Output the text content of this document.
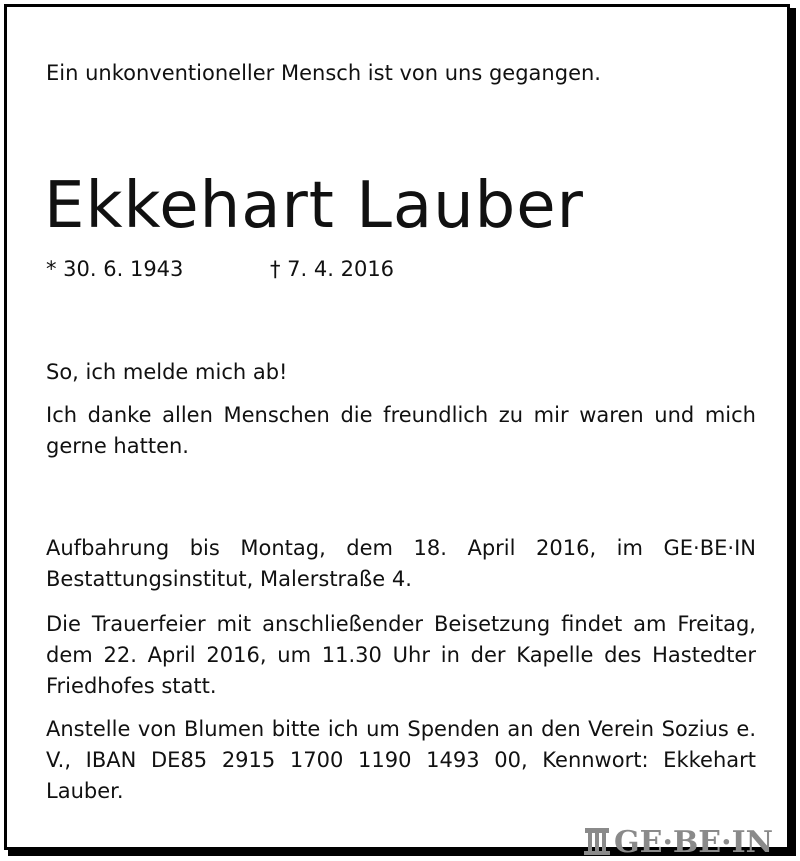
Ein unkonventioneller Mensch ist von uns gegangen.

Ekkehart Lauber
* 30. 6. 1943	† 7. 4. 2016

So, ich melde mich ab!

Ich danke allen Menschen die freundlich zu mir waren und mich gerne hatten.

Aufbahrung bis Montag, dem 18. April 2016, im GE·BE·IN Bestattungsinstitut, Malerstraße 4.

Die Trauerfeier mit anschließender Beisetzung findet am Freitag, dem 22. April 2016, um 11.30 Uhr in der Kapelle des Hastedter Friedhofes statt.

Anstelle von Blumen bitte ich um Spenden an den Verein Sozius e. V., IBAN DE85 2915 1700 1190 1493 00, Kennwort: Ekkehart Lauber.

GE·BE·IN
